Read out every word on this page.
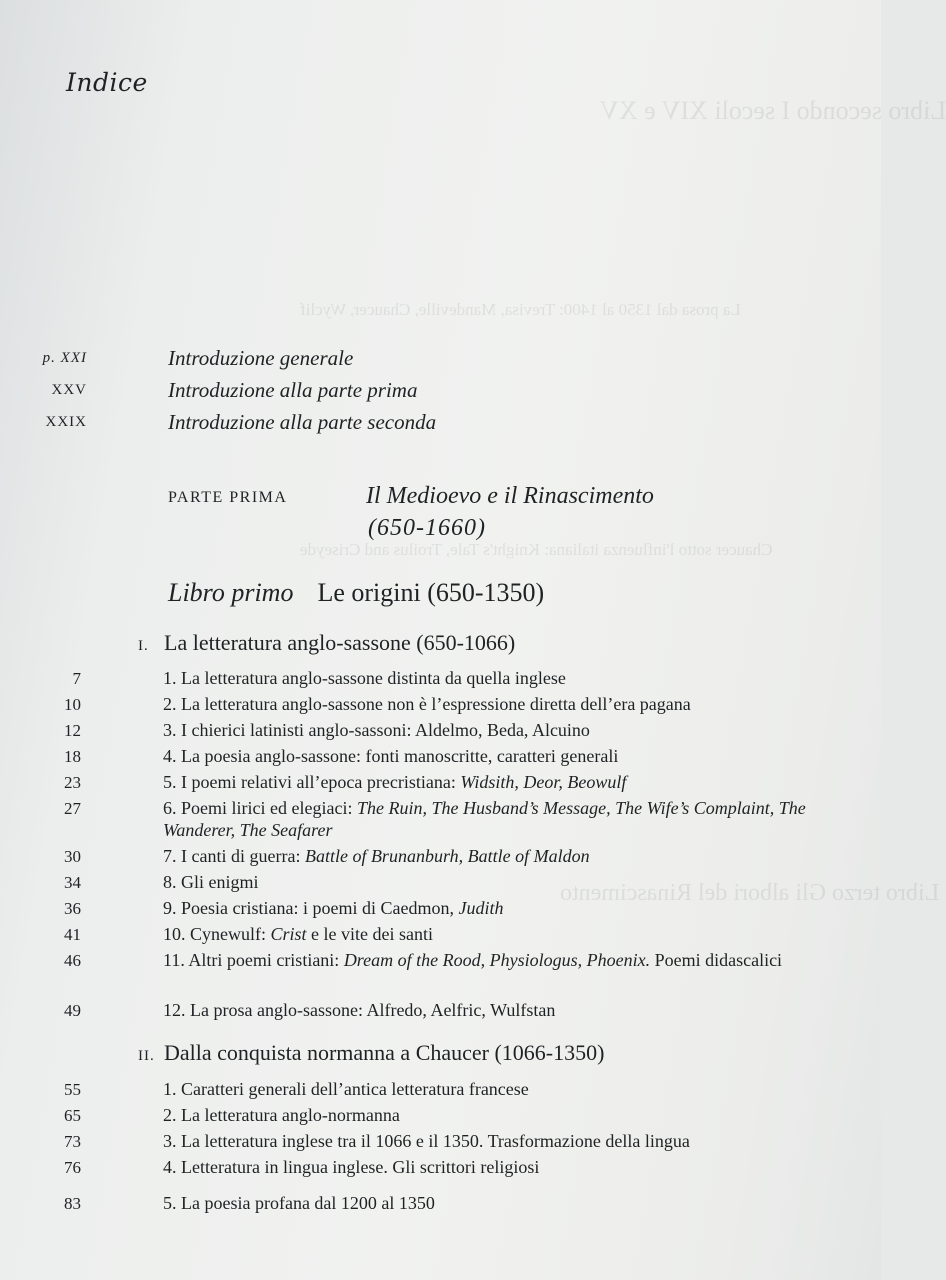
Libro secondo I secoli XIV e XV
La prosa dal 1350 al 1400: Trevisa, Mandeville, Chaucer, Wyclif
Chaucer sotto l'influenza italiana: Knight's Tale, Troilus and Criseyde
Libro terzo Gli albori del Rinascimento
Indice
p. XXI	Introduzione generale
XXV	Introduzione alla parte prima
XXIX	Introduzione alla parte seconda
PARTE PRIMA	Il Medioevo e il Rinascimento
(650-1660)
Libro primo Le origini (650-1350)
I. La letteratura anglo-sassone (650-1066)
7	1. La letteratura anglo-sassone distinta da quella inglese
10	2. La letteratura anglo-sassone non è l’espressione diretta dell’era pagana
12	3. I chierici latinisti anglo-sassoni: Aldelmo, Beda, Alcuino
18	4. La poesia anglo-sassone: fonti manoscritte, caratteri generali
23	5. I poemi relativi all’epoca precristiana: Widsith, Deor, Beowulf
27	6. Poemi lirici ed elegiaci: The Ruin, The Husband’s Message, The Wife’s Complaint, The Wanderer, The Seafarer
30	7. I canti di guerra: Battle of Brunanburh, Battle of Maldon
34	8. Gli enigmi
36	9. Poesia cristiana: i poemi di Caedmon, Judith
41	10. Cynewulf: Crist e le vite dei santi
46	11. Altri poemi cristiani: Dream of the Rood, Physiologus, Phoenix. Poemi didascalici
49	12. La prosa anglo-sassone: Alfredo, Aelfric, Wulfstan
II. Dalla conquista normanna a Chaucer (1066-1350)
55	1. Caratteri generali dell’antica letteratura francese
65	2. La letteratura anglo-normanna
73	3. La letteratura inglese tra il 1066 e il 1350. Trasformazione della lingua
76	4. Letteratura in lingua inglese. Gli scrittori religiosi
83	5. La poesia profana dal 1200 al 1350
